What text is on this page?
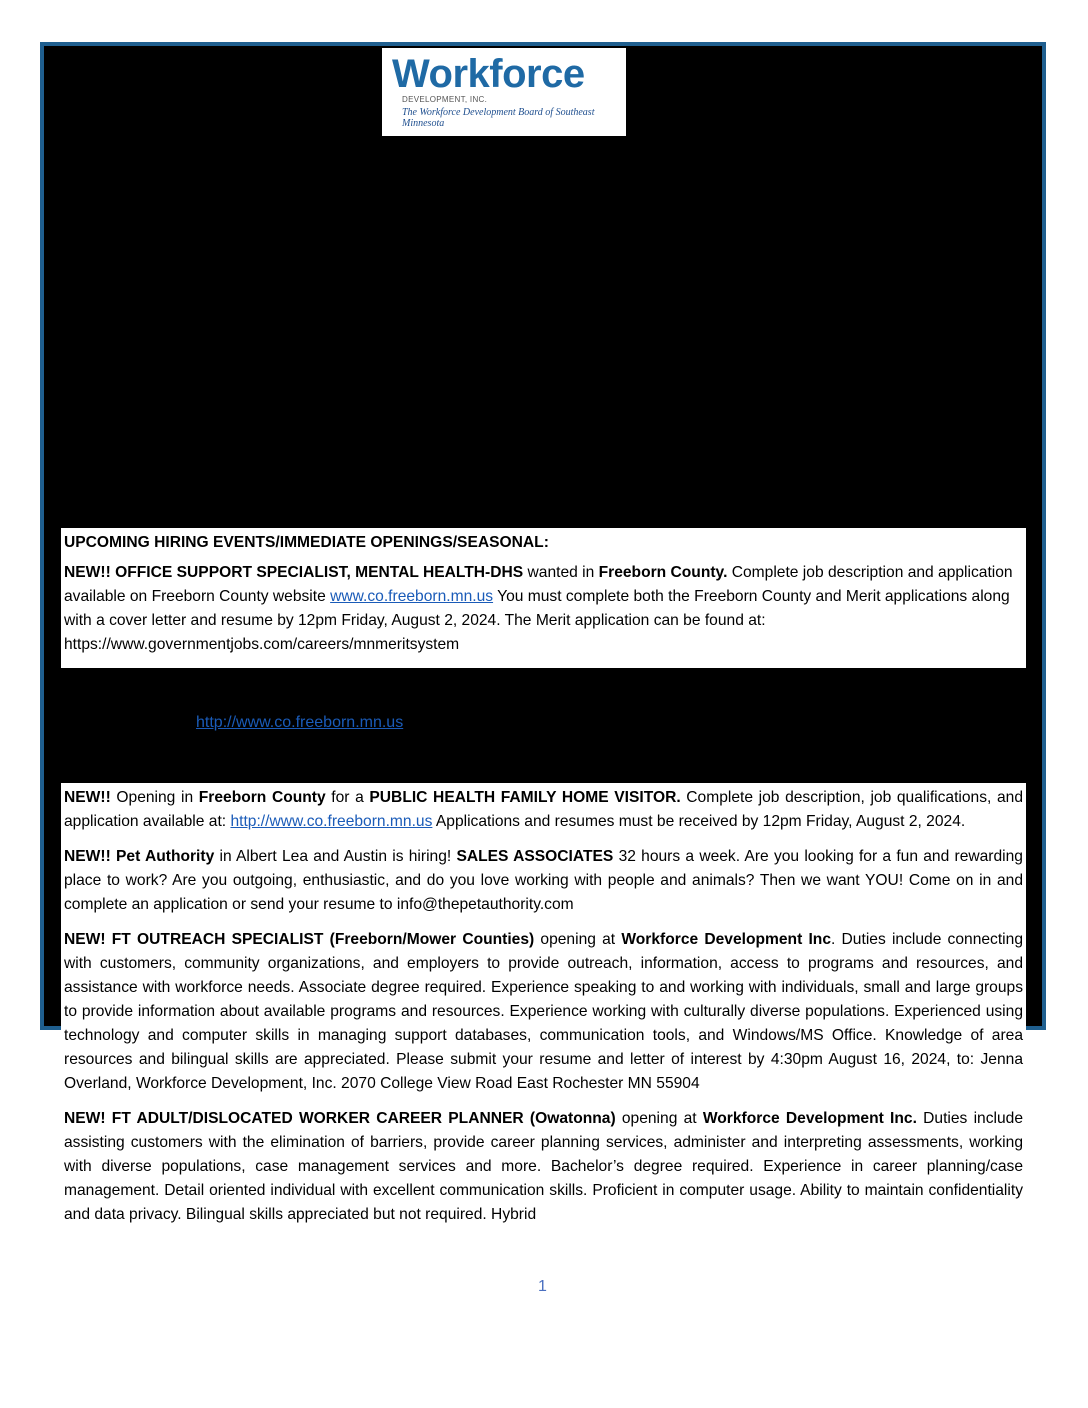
Workforce
DEVELOPMENT, INC.
The Workforce Development Board of Southeast Minnesota

UPCOMING HIRING EVENTS/IMMEDIATE OPENINGS/SEASONAL:

NEW!! OFFICE SUPPORT SPECIALIST, MENTAL HEALTH-DHS wanted in Freeborn County. Complete job description and application available on Freeborn County website www.co.freeborn.mn.us You must complete both the Freeborn County and Merit applications along with a cover letter and resume by 12pm Friday, August 2, 2024. The Merit application can be found at: https://www.governmentjobs.com/careers/mnmeritsystem

http://www.co.freeborn.mn.us

NEW!! Opening in Freeborn County for a PUBLIC HEALTH FAMILY HOME VISITOR. Complete job description, job qualifications, and application available at: http://www.co.freeborn.mn.us Applications and resumes must be received by 12pm Friday, August 2, 2024.

NEW!! Pet Authority in Albert Lea and Austin is hiring! SALES ASSOCIATES 32 hours a week. Are you looking for a fun and rewarding place to work? Are you outgoing, enthusiastic, and do you love working with people and animals? Then we want YOU! Come on in and complete an application or send your resume to info@thepetauthority.com

NEW! FT OUTREACH SPECIALIST (Freeborn/Mower Counties) opening at Workforce Development Inc. Duties include connecting with customers, community organizations, and employers to provide outreach, information, access to programs and resources, and assistance with workforce needs. Associate degree required. Experience speaking to and working with individuals, small and large groups to provide information about available programs and resources. Experience working with culturally diverse populations. Experienced using technology and computer skills in managing support databases, communication tools, and Windows/MS Office. Knowledge of area resources and bilingual skills are appreciated. Please submit your resume and letter of interest by 4:30pm August 16, 2024, to: Jenna Overland, Workforce Development, Inc. 2070 College View Road East Rochester MN 55904

NEW! FT ADULT/DISLOCATED WORKER CAREER PLANNER (Owatonna) opening at Workforce Development Inc. Duties include assisting customers with the elimination of barriers, provide career planning services, administer and interpreting assessments, working with diverse populations, case management services and more. Bachelor’s degree required. Experience in career planning/case management. Detail oriented individual with excellent communication skills. Proficient in computer usage. Ability to maintain confidentiality and data privacy. Bilingual skills appreciated but not required. Hybrid

1
